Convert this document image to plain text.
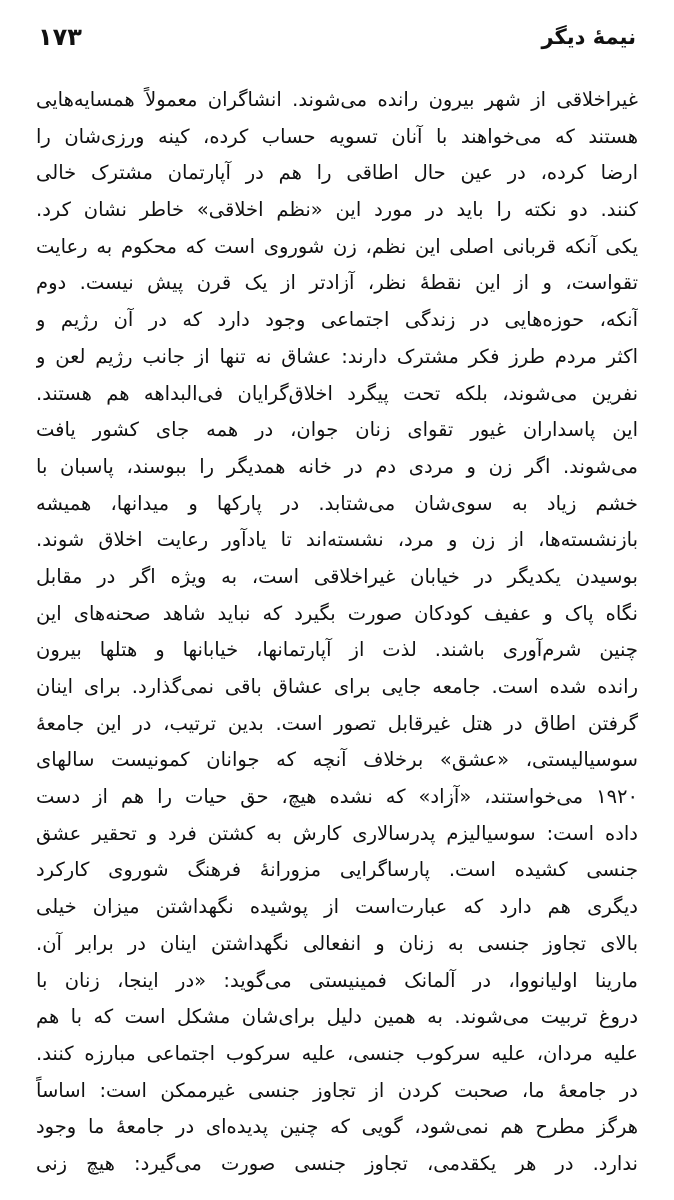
۱۷۳	نیمهٔ دیگر
غیراخلاقی از شهر بیرون رانده می‌شوند. انشاگران معمولاً همسایه‌هایی
هستند که می‌خواهند با آنان تسویه حساب کرده، کینه ورزی‌شان را
ارضا کرده، در عین حال اطاقی را هم در آپارتمان مشترک خالی
کنند. دو نکته را باید در مورد این «نظم اخلاقی» خاطر نشان کرد.
یکی آنکه قربانی اصلی این نظم، زن شوروی است که محکوم به رعایت
تقواست، و از این نقطهٔ نظر، آزادتر از یک قرن پیش نیست. دوم
آنکه، حوزه‌هایی در زندگی اجتماعی وجود دارد که در آن رژیم و
اکثر مردم طرز فکر مشترک دارند: عشاق نه تنها از جانب رژیم لعن و
نفرین می‌شوند، بلکه تحت پیگرد اخلاق‌گرایان فی‌البداهه هم هستند.
این پاسداران غیور تقوای زنان جوان، در همه جای کشور یافت
می‌شوند. اگر زن و مردی دم در خانه همدیگر را ببوسند، پاسبان با
خشم زیاد به سوی‌شان می‌شتابد. در پارکها و میدانها، همیشه
بازنشسته‌ها، از زن و مرد، نشسته‌اند تا یادآور رعایت اخلاق شوند.
بوسیدن یکدیگر در خیابان غیراخلاقی است، به ویژه اگر در مقابل
نگاه پاک و عفیف کودکان صورت بگیرد که نباید شاهد صحنه‌های این
چنین شرم‌آوری باشند. لذت از آپارتمانها، خیابانها و هتلها بیرون
رانده شده است. جامعه جایی برای عشاق باقی نمی‌گذارد. برای اینان
گرفتن اطاق در هتل غیرقابل تصور است. بدین ترتیب، در این جامعهٔ
سوسیالیستی، «عشق» برخلاف آنچه که جوانان کمونیست سالهای
۱۹۲۰ می‌خواستند، «آزاد» که نشده هیچ، حق حیات را هم از دست
داده است: سوسیالیزم پدرسالاری کارش به کشتن فرد و تحقیر عشق
جنسی کشیده است. پارساگرایی مزورانهٔ فرهنگ شوروی کارکرد
دیگری هم دارد که عبارت‌است از پوشیده نگهداشتن میزان خیلی
بالای تجاوز جنسی به زنان و انفعالی نگهداشتن اینان در برابر آن.
مارینا اولیانووا، در آلمانک فمینیستی می‌گوید: «در اینجا، زنان با
دروغ تربیت می‌شوند. به همین دلیل برای‌شان مشکل است که با هم
علیه مردان، علیه سرکوب جنسی، علیه سرکوب اجتماعی مبارزه کنند.
در جامعهٔ ما، صحبت کردن از تجاوز جنسی غیرممکن است: اساساً
هرگز مطرح هم نمی‌شود، گویی که چنین پدیده‌ای در جامعهٔ ما وجود
ندارد. در هر یکقدمی، تجاوز جنسی صورت می‌گیرد: هیچ زنی
